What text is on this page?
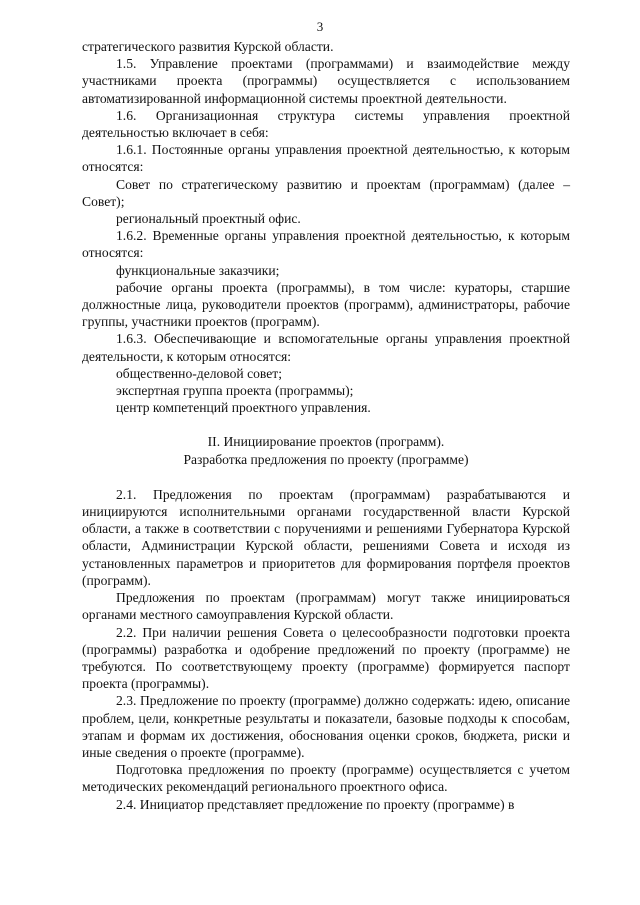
3

стратегического развития Курской области.

1.5. Управление проектами (программами) и взаимодействие между участниками проекта (программы) осуществляется с использованием автоматизированной информационной системы проектной деятельности.

1.6. Организационная структура системы управления проектной деятельностью включает в себя:

1.6.1. Постоянные органы управления проектной деятельностью, к которым относятся:

Совет по стратегическому развитию и проектам (программам) (далее – Совет);

региональный проектный офис.

1.6.2. Временные органы управления проектной деятельностью, к которым относятся:

функциональные заказчики;

рабочие органы проекта (программы), в том числе: кураторы, старшие должностные лица, руководители проектов (программ), администраторы, рабочие группы, участники проектов (программ).

1.6.3. Обеспечивающие и вспомогательные органы управления проектной деятельности, к которым относятся:

общественно-деловой совет;

экспертная группа проекта (программы);

центр компетенций проектного управления.

II. Инициирование проектов (программ).

Разработка предложения по проекту (программе)

2.1. Предложения по проектам (программам) разрабатываются и инициируются исполнительными органами государственной власти Курской области, а также в соответствии с поручениями и решениями Губернатора Курской области, Администрации Курской области, решениями Совета и исходя из установленных параметров и приоритетов для формирования портфеля проектов (программ).

Предложения по проектам (программам) могут также инициироваться органами местного самоуправления Курской области.

2.2. При наличии решения Совета о целесообразности подготовки проекта (программы) разработка и одобрение предложений по проекту (программе) не требуются. По соответствующему проекту (программе) формируется паспорт проекта (программы).

2.3. Предложение по проекту (программе) должно содержать: идею, описание проблем, цели, конкретные результаты и показатели, базовые подходы к способам, этапам и формам их достижения, обоснования оценки сроков, бюджета, риски и иные сведения о проекте (программе).

Подготовка предложения по проекту (программе) осуществляется с учетом методических рекомендаций регионального проектного офиса.

2.4. Инициатор представляет предложение по проекту (программе) в
